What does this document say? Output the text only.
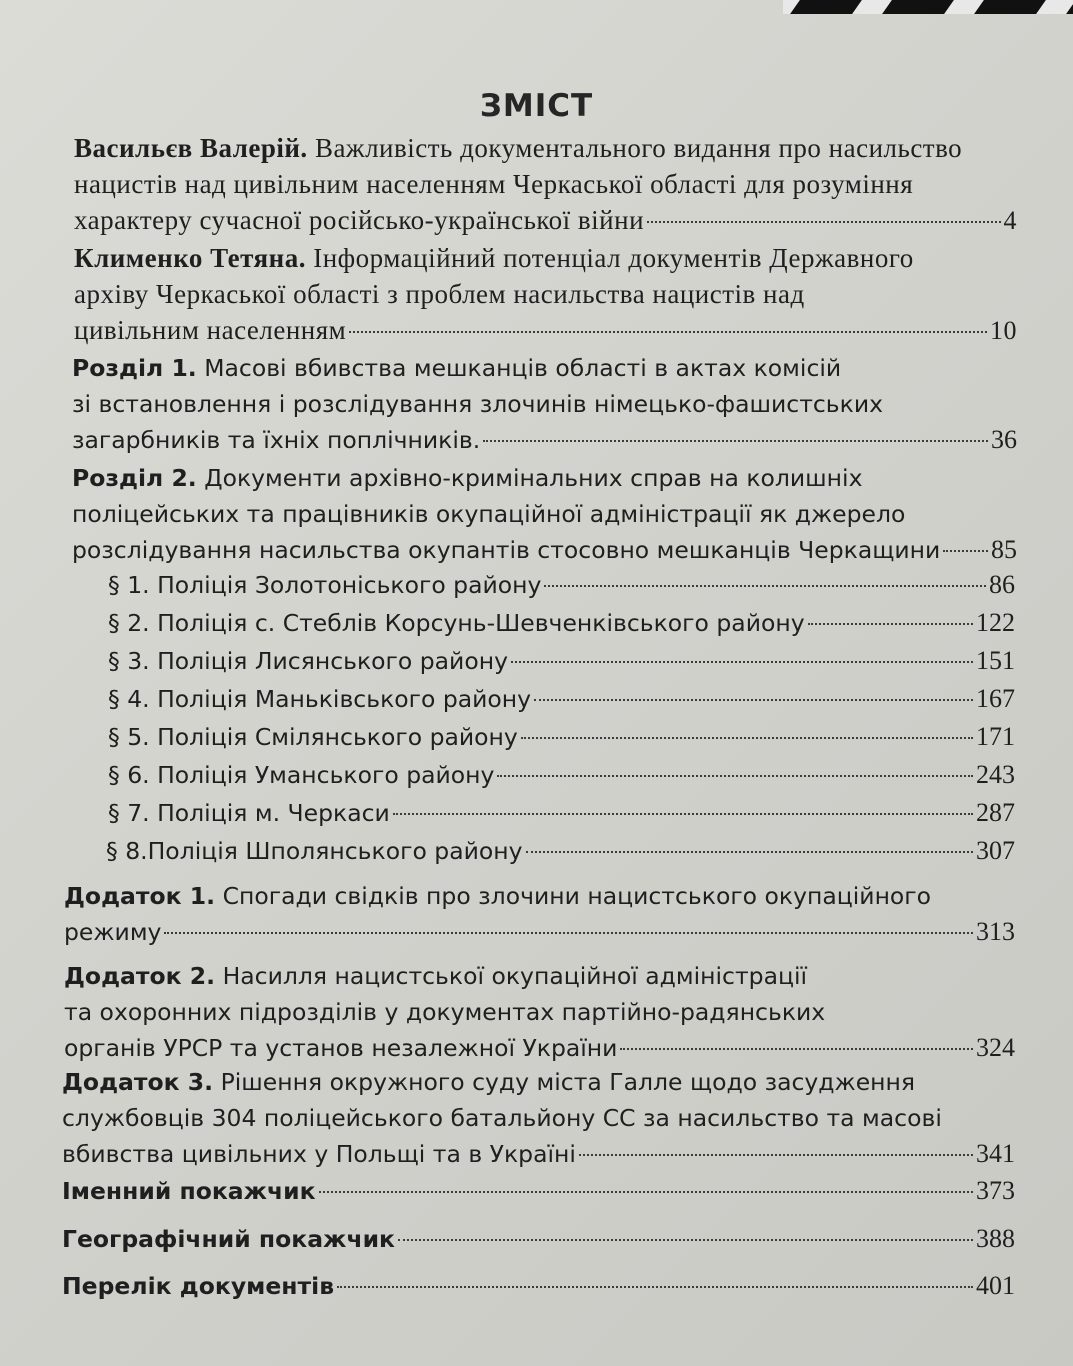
ЗМІСТ
Васильєв Валерій. Важливість документального видання про насильство
нацистів над цивільним населенням Черкаської області для розуміння
характеру сучасної російсько-української війни	4
Клименко Тетяна. Інформаційний потенціал документів Державного
архіву Черкаської області з проблем насильства нацистів над
цивільним населенням	10
Розділ 1. Масові вбивства мешканців області в актах комісій
зі встановлення і розслідування злочинів німецько-фашистських
загарбників та їхніх поплічників.	36
Розділ 2. Документи архівно-кримінальних справ на колишніх
поліцейських та працівників окупаційної адміністрації як джерело
розслідування насильства окупантів стосовно мешканців Черкащини 85
§ 1. Поліція Золотоніського району	86
§ 2. Поліція с. Стеблів Корсунь-Шевченківського району	122
§ 3. Поліція Лисянського району	151
§ 4. Поліція Маньківського району	167
§ 5. Поліція Смілянського району	171
§ 6. Поліція Уманського району	243
§ 7. Поліція м. Черкаси	287
§ 8.Поліція Шполянського району	307
Додаток 1. Спогади свідків про злочини нацистського окупаційного
режиму	313
Додаток 2. Насилля нацистської окупаційної адміністрації
та охоронних підрозділів у документах партійно-радянських
органів УРСР та установ незалежної України	324
Додаток 3. Рішення окружного суду міста Галле щодо засудження
службовців 304 поліцейського батальйону СС за насильство та масові
вбивства цивільних у Польщі та в Україні	341
Іменний покажчик	373
Географічний покажчик	388
Перелік документів	401
